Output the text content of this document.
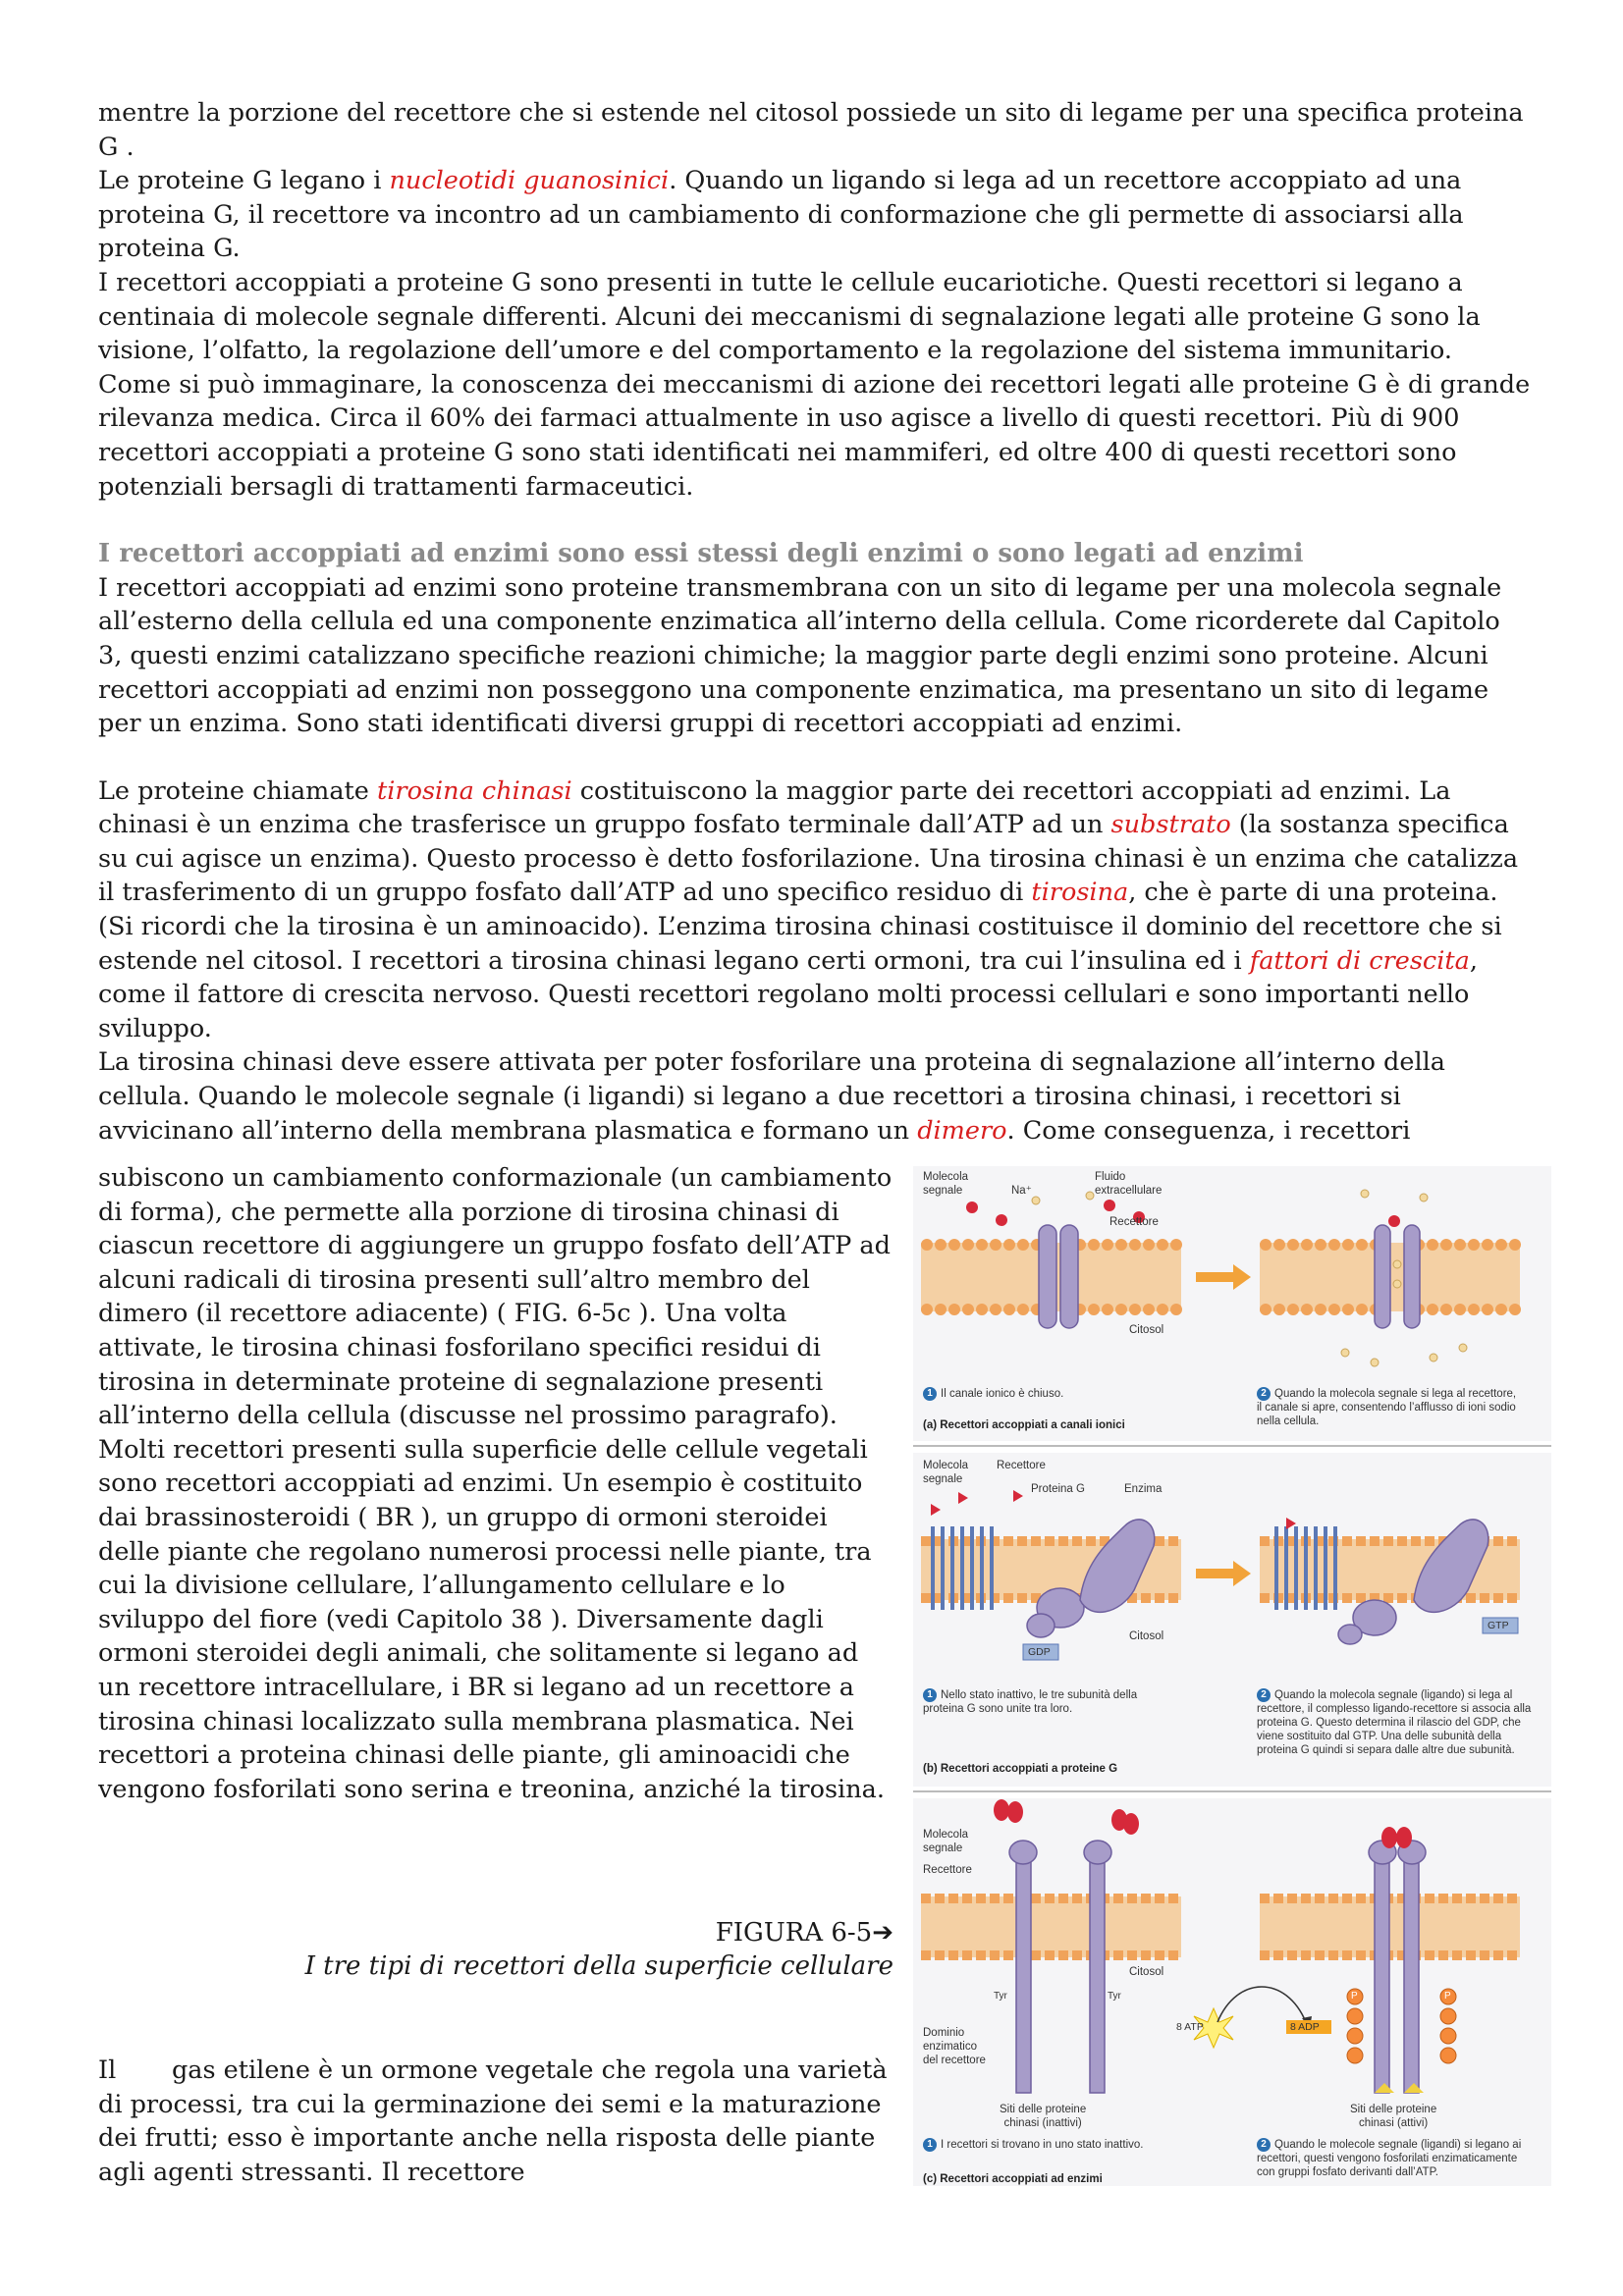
mentre la porzione del recettore che si estende nel citosol possiede un sito di legame per una specifica proteina G .

Le proteine G legano i nucleotidi guanosinici. Quando un ligando si lega ad un recettore accoppiato ad una proteina G, il recettore va incontro ad un cambiamento di conformazione che gli permette di associarsi alla proteina G.

I recettori accoppiati a proteine G sono presenti in tutte le cellule eucariotiche. Questi recettori si legano a centinaia di molecole segnale differenti. Alcuni dei meccanismi di segnalazione legati alle proteine G sono la visione, l’olfatto, la regolazione dell’umore e del comportamento e la regolazione del sistema immunitario. Come si può immaginare, la conoscenza dei meccanismi di azione dei recettori legati alle proteine G è di grande rilevanza medica. Circa il 60% dei farmaci attualmente in uso agisce a livello di questi recettori. Più di 900 recettori accoppiati a proteine G sono stati identificati nei mammiferi, ed oltre 400 di questi recettori sono potenziali bersagli di trattamenti farmaceutici.

I recettori accoppiati ad enzimi sono essi stessi degli enzimi o sono legati ad enzimi

I recettori accoppiati ad enzimi sono proteine transmembrana con un sito di legame per una molecola segnale all’esterno della cellula ed una componente enzimatica all’interno della cellula. Come ricorderete dal Capitolo 3, questi enzimi catalizzano specifiche reazioni chimiche; la maggior parte degli enzimi sono proteine. Alcuni recettori accoppiati ad enzimi non posseggono una componente enzimatica, ma presentano un sito di legame per un enzima. Sono stati identificati diversi gruppi di recettori accoppiati ad enzimi.

Le proteine chiamate tirosina chinasi costituiscono la maggior parte dei recettori accoppiati ad enzimi. La chinasi è un enzima che trasferisce un gruppo fosfato terminale dall’ATP ad un substrato (la sostanza specifica su cui agisce un enzima). Questo processo è detto fosforilazione. Una tirosina chinasi è un enzima che catalizza il trasferimento di un gruppo fosfato dall’ATP ad uno specifico residuo di tirosina, che è parte di una proteina. (Si ricordi che la tirosina è un aminoacido). L’enzima tirosina chinasi costituisce il dominio del recettore che si estende nel citosol. I recettori a tirosina chinasi legano certi ormoni, tra cui l’insulina ed i fattori di crescita, come il fattore di crescita nervoso. Questi recettori regolano molti processi cellulari e sono importanti nello sviluppo.

La tirosina chinasi deve essere attivata per poter fosforilare una proteina di segnalazione all’interno della cellula. Quando le molecole segnale (i ligandi) si legano a due recettori a tirosina chinasi, i recettori si avvicinano all’interno della membrana plasmatica e formano un dimero. Come conseguenza, i recettori

subiscono un cambiamento conformazionale (un cambiamento di forma), che permette alla porzione di tirosina chinasi di ciascun recettore di aggiungere un gruppo fosfato dell’ATP ad alcuni radicali di tirosina presenti sull’altro membro del dimero (il recettore adiacente) ( FIG. 6-5c ). Una volta attivate, le tirosina chinasi fosforilano specifici residui di tirosina in determinate proteine di segnalazione presenti all’interno della cellula (discusse nel prossimo paragrafo).

Molti recettori presenti sulla superficie delle cellule vegetali sono recettori accoppiati ad enzimi. Un esempio è costituito dai brassinosteroidi ( BR ), un gruppo di ormoni steroidei delle piante che regolano numerosi processi nelle piante, tra cui la divisione cellulare, l’allungamento cellulare e lo sviluppo del fiore (vedi Capitolo 38 ). Diversamente dagli ormoni steroidei degli animali, che solitamente si legano ad un recettore intracellulare, i BR si legano ad un recettore a tirosina chinasi localizzato sulla membrana plasmatica. Nei recettori a proteina chinasi delle piante, gli aminoacidi che vengono fosforilati sono serina e treonina, anziché la tirosina.

FIGURA 6-5➔
I tre tipi di recettori della superficie cellulare

Il       gas etilene è un ormone vegetale che regola una varietà di processi, tra cui la germinazione dei semi e la maturazione dei frutti; esso è importante anche nella risposta delle piante agli agenti stressanti. Il recettore

Molecola
segnale	Na⁺
Fluido
extracellulare
Recettore
Citosol
1 Il canale ionico è chiuso.	2 Quando la molecola segnale si lega al recettore, il canale si apre, consentendo l’afflusso di ioni sodio nella cellula.
(a) Recettori accoppiati a canali ionici
Molecola
segnale
Recettore
Proteina G	Enzima
Citosol
GDP
GTP
1 Nello stato inattivo, le tre subunità della proteina G sono unite tra loro.
2 Quando la molecola segnale (ligando) si lega al recettore, il complesso ligando-recettore si associa alla proteina G. Questo determina il rilascio del GDP, che viene sostituito dal GTP. Una delle subunità della proteina G quindi si separa dalle altre due subunità.
(b) Recettori accoppiati a proteine G
Molecola
segnale
Recettore
Citosol
Dominio
enzimatico
del recettore
Tyr	Tyr	P	P
8 ATP	8 ADP
Siti delle proteine
chinasi (inattivi)
Siti delle proteine
chinasi (attivi)
1 I recettori si trovano in uno stato inattivo.	2 Quando le molecole segnale (ligandi) si legano ai recettori, questi vengono fosforilati enzimaticamente con gruppi fosfato derivanti dall’ATP.
(c) Recettori accoppiati ad enzimi
